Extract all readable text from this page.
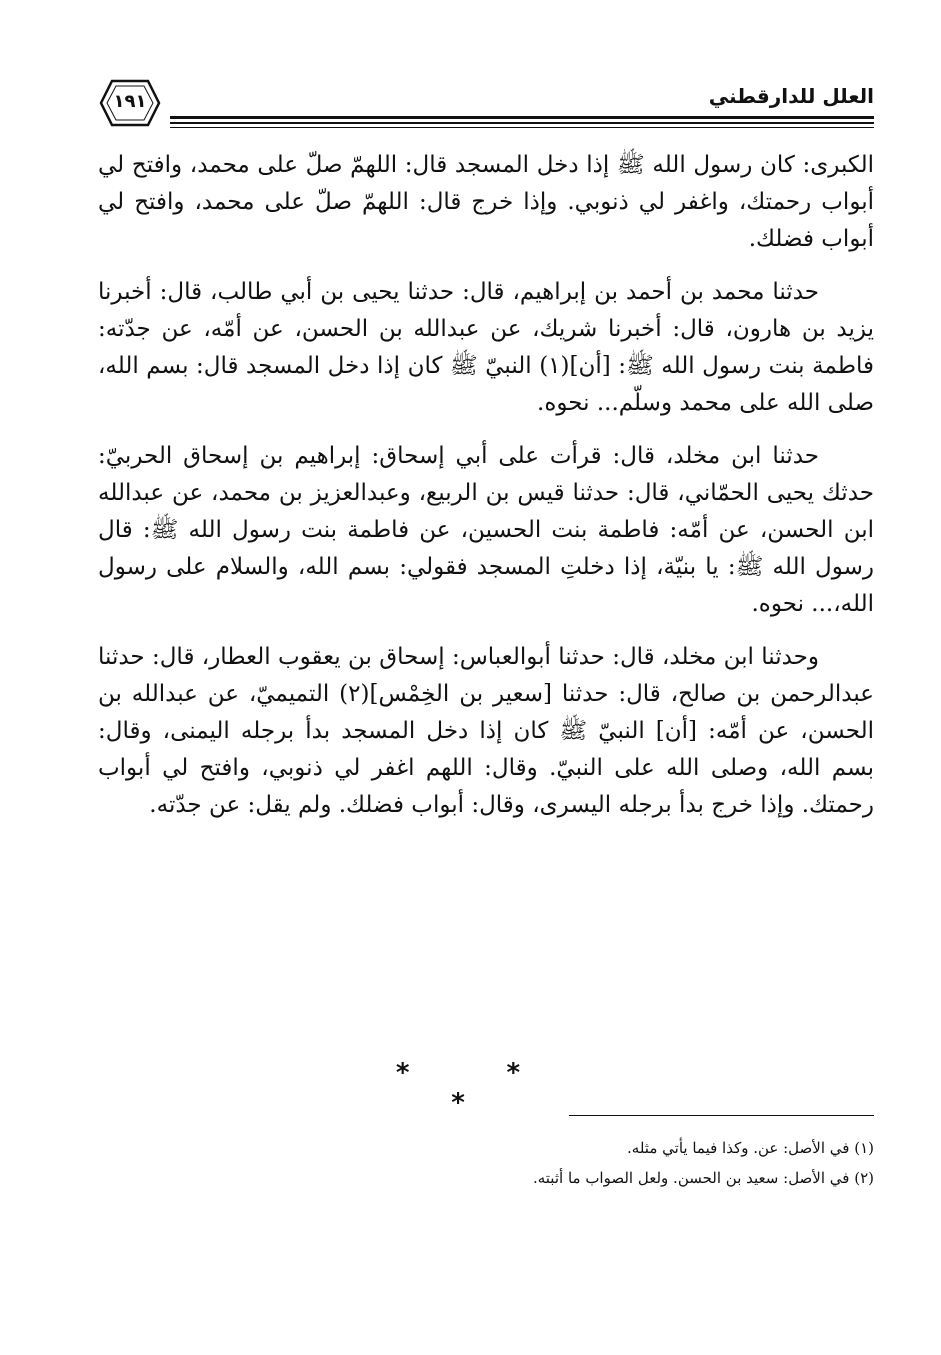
العلل للدارقطني
١٩١

الكبرى: كان رسول الله ﷺ إذا دخل المسجد قال: اللهمّ صلّ على محمد، وافتح لي أبواب رحمتك، واغفر لي ذنوبي. وإذا خرج قال: اللهمّ صلّ على محمد، وافتح لي أبواب فضلك.

حدثنا محمد بن أحمد بن إبراهيم، قال: حدثنا يحيى بن أبي طالب، قال: أخبرنا يزيد بن هارون، قال: أخبرنا شريك، عن عبدالله بن الحسن، عن أمّه، عن جدّته: فاطمة بنت رسول الله ﷺ: [أن](١) النبيّ ﷺ كان إذا دخل المسجد قال: بسم الله، صلى الله على محمد وسلّم... نحوه.

حدثنا ابن مخلد، قال: قرأت على أبي إسحاق: إبراهيم بن إسحاق الحربيّ: حدثك يحيى الحمّاني، قال: حدثنا قيس بن الربيع، وعبدالعزيز بن محمد، عن عبدالله ابن الحسن، عن أمّه: فاطمة بنت الحسين، عن فاطمة بنت رسول الله ﷺ: قال رسول الله ﷺ: يا بنيّة، إذا دخلتِ المسجد فقولي: بسم الله، والسلام على رسول الله،... نحوه.

وحدثنا ابن مخلد، قال: حدثنا أبوالعباس: إسحاق بن يعقوب العطار، قال: حدثنا عبدالرحمن بن صالح، قال: حدثنا [سعير بن الخِمْس](٢) التميميّ، عن عبدالله بن الحسن، عن أمّه: [أن] النبيّ ﷺ كان إذا دخل المسجد بدأ برجله اليمنى، وقال: بسم الله، وصلى الله على النبيّ. وقال: اللهم اغفر لي ذنوبي، وافتح لي أبواب رحمتك. وإذا خرج بدأ برجله اليسرى، وقال: أبواب فضلك. ولم يقل: عن جدّته.

* * *
(١) في الأصل: عن. وكذا فيما يأتي مثله.
(٢) في الأصل: سعيد بن الحسن. ولعل الصواب ما أثبته.
